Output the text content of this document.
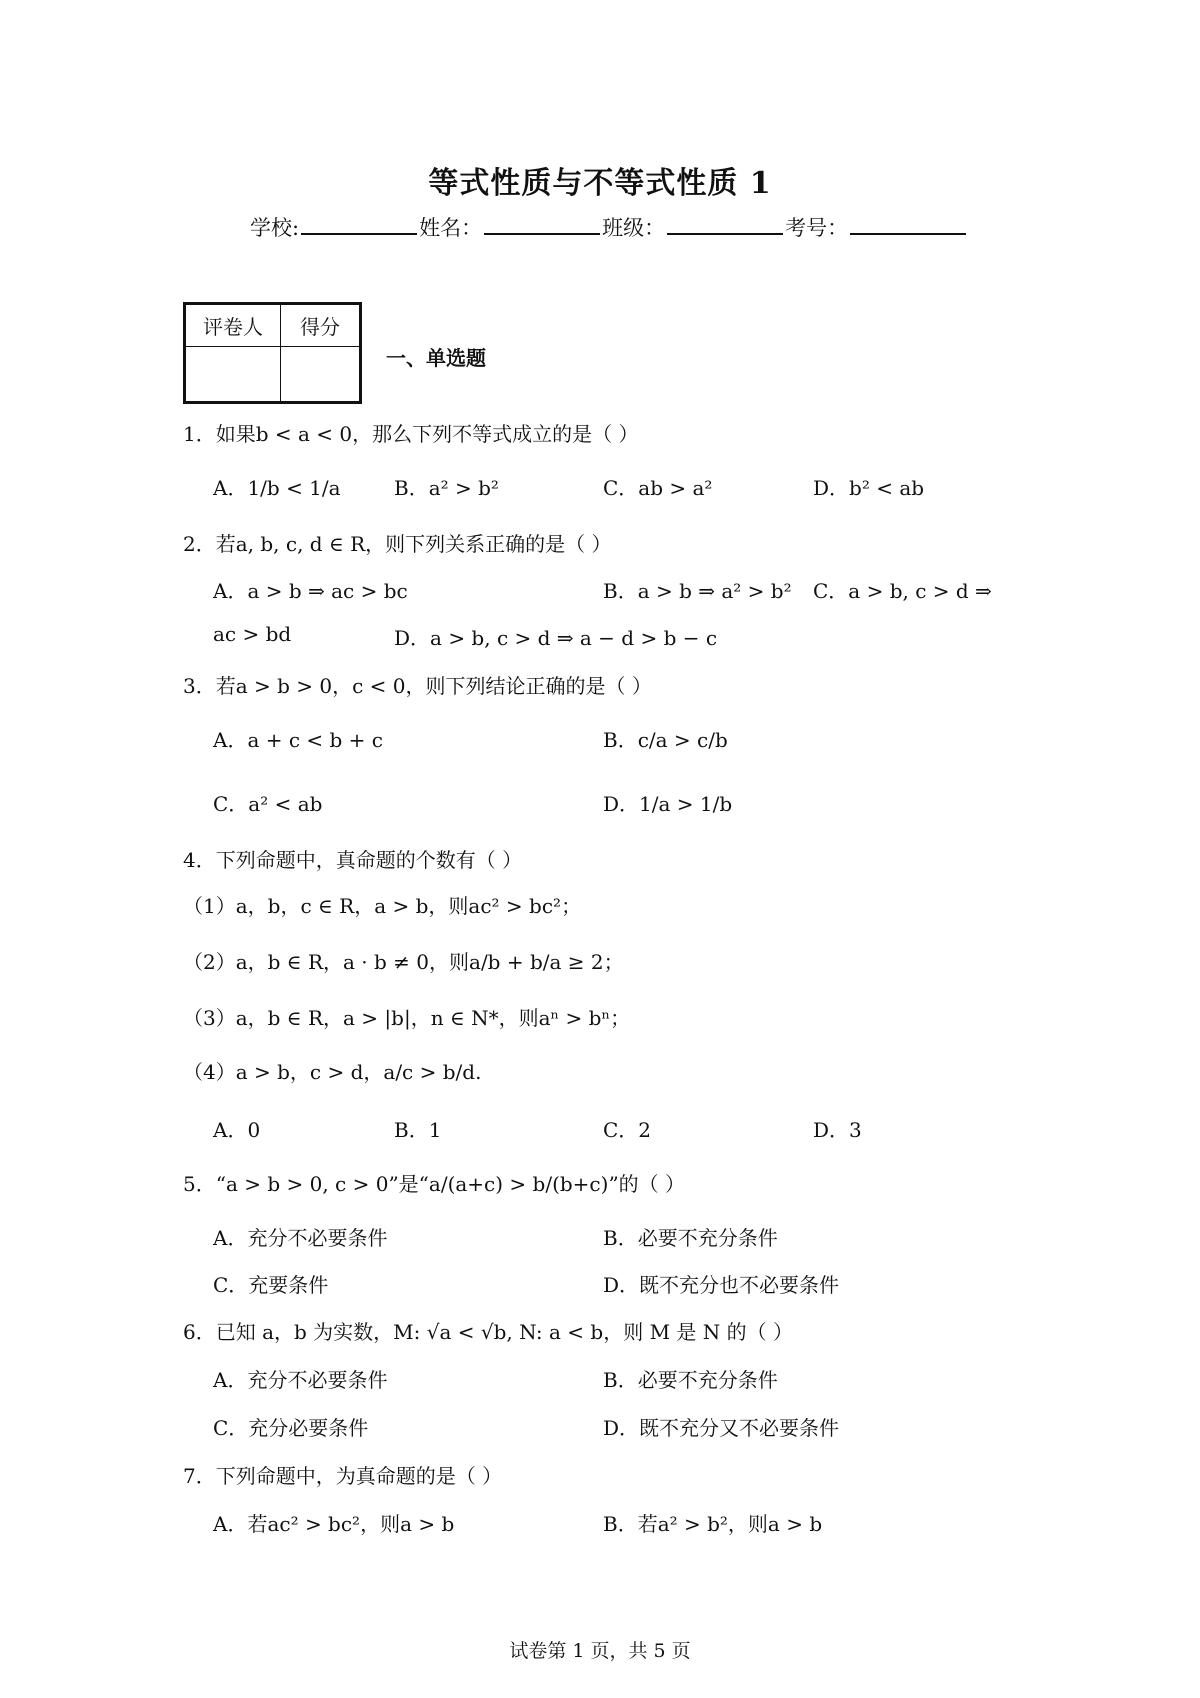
等式性质与不等式性质 1
学校:	姓名：	班级：	考号：
评卷人	得分

一、单选题
1．如果b < a < 0，那么下列不等式成立的是（ ）
A．1/b < 1/a	B．a² > b²	C．ab > a²	D．b² < ab
2．若a, b, c, d ∈ R，则下列关系正确的是（ ）
A．a > b ⇒ ac > bc	B．a > b ⇒ a² > b² C．a > b, c > d ⇒
ac > bd	D．a > b, c > d ⇒ a − d > b − c
3．若a > b > 0，c < 0，则下列结论正确的是（ ）
A．a + c < b + c	B．c/a > c/b
C．a² < ab	D．1/a > 1/b
4．下列命题中，真命题的个数有（ ）
（1）a，b，c ∈ R，a > b，则ac² > bc²；
（2）a，b ∈ R，a · b ≠ 0，则a/b + b/a ≥ 2；
（3）a，b ∈ R，a > |b|，n ∈ N*，则aⁿ > bⁿ；
（4）a > b，c > d，a/c > b/d.
A．0	B．1	C．2	D．3
5．“a > b > 0, c > 0”是“a/(a+c) > b/(b+c)”的（ ）
A．充分不必要条件	B．必要不充分条件
C．充要条件	D．既不充分也不必要条件
6．已知 a，b 为实数，M: √a < √b, N: a < b，则 M 是 N 的（ ）
A．充分不必要条件	B．必要不充分条件
C．充分必要条件	D．既不充分又不必要条件
7．下列命题中，为真命题的是（ ）
A．若ac² > bc²，则a > b	B．若a² > b²，则a > b
试卷第 1 页，共 5 页
